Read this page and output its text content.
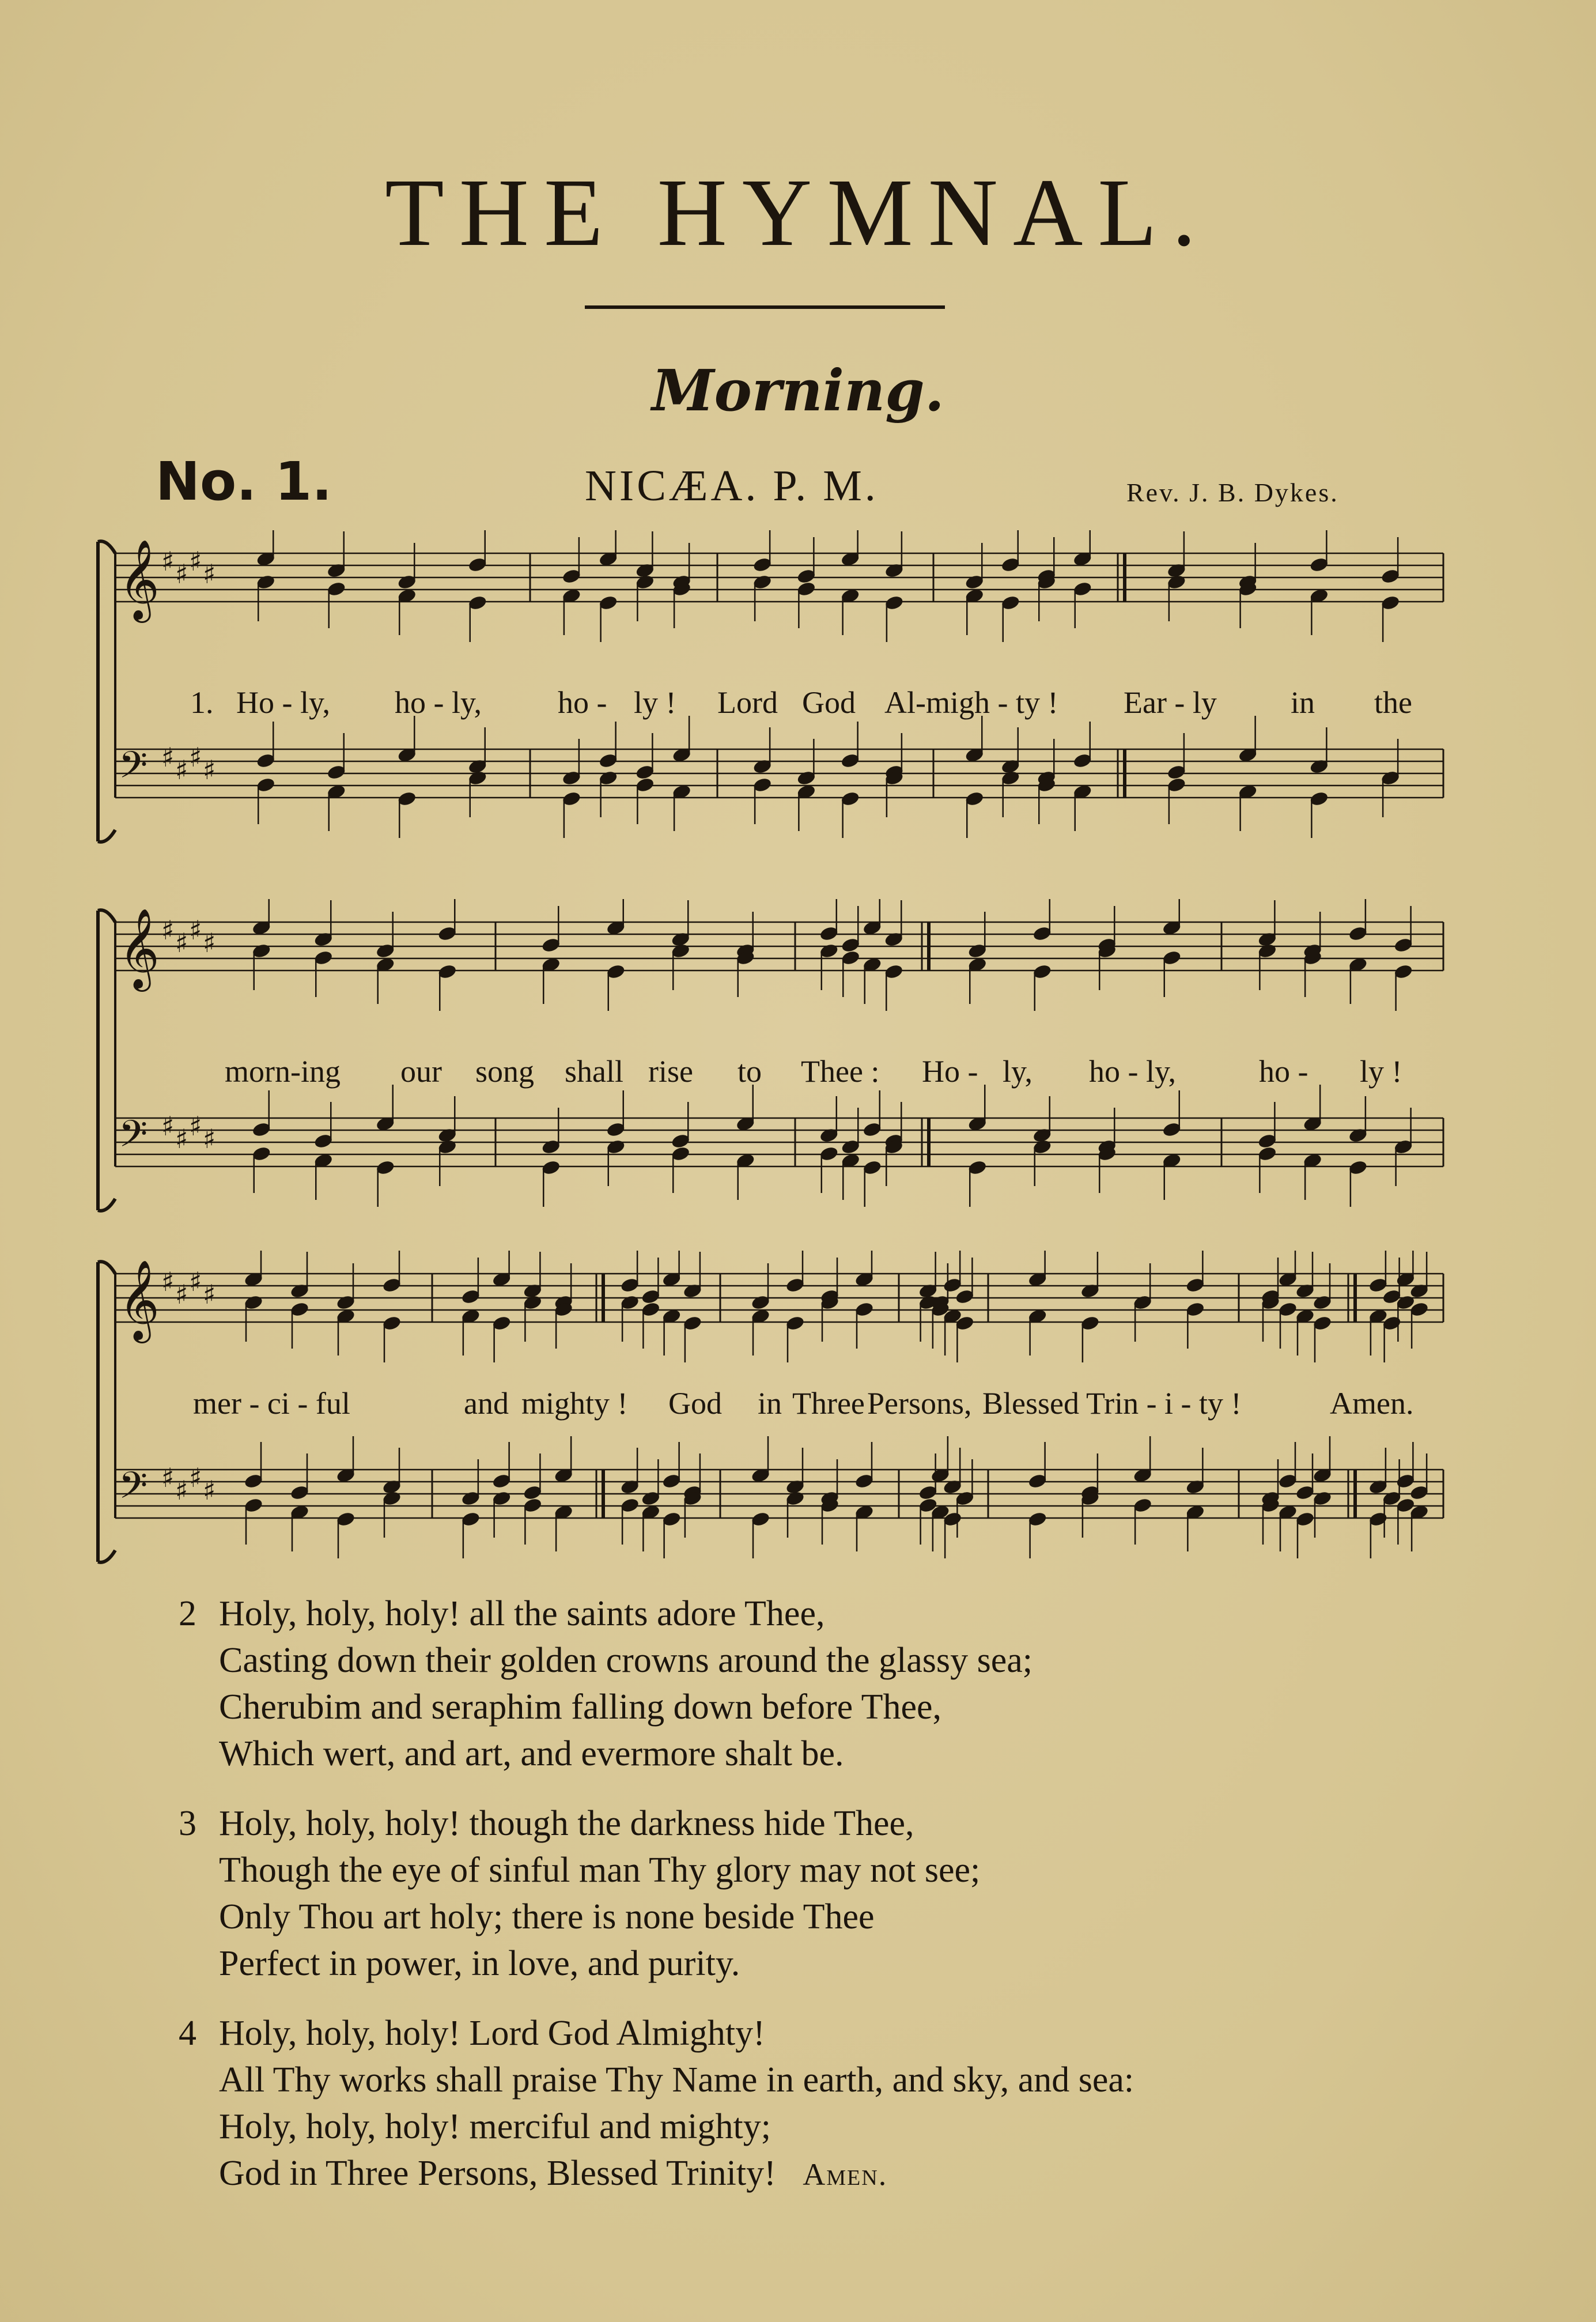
THE HYMNAL.
Morning.
No. 1.	NICÆA. P. M.	Rev. J. B. Dykes.
𝄞 ♯ ♯ ♯ ♯
𝄢 ♯ ♯ ♯ ♯
1. Ho - ly, ho - ly, ho - ly ! Lord God Al-migh - ty ! Ear - ly in the
𝄞 ♯ ♯ ♯ ♯
𝄢 ♯ ♯ ♯ ♯
morn-ing our song shall rise to Thee : Ho - ly, ho - ly,	ho - ly !
𝄞 ♯ ♯ ♯ ♯
𝄢 ♯ ♯ ♯ ♯
mer - ci - ful	and mighty ! God in Three Persons, Blessed Trin - i - ty !	Amen.
2 Holy, holy, holy! all the saints adore Thee,
Casting down their golden crowns around the glassy sea;
Cherubim and seraphim falling down before Thee,
Which wert, and art, and evermore shalt be.
3 Holy, holy, holy! though the darkness hide Thee,
Though the eye of sinful man Thy glory may not see;
Only Thou art holy; there is none beside Thee
Perfect in power, in love, and purity.
4 Holy, holy, holy! Lord God Almighty!
All Thy works shall praise Thy Name in earth, and sky, and sea:
Holy, holy, holy! merciful and mighty;
God in Three Persons, Blessed Trinity! Amen.
